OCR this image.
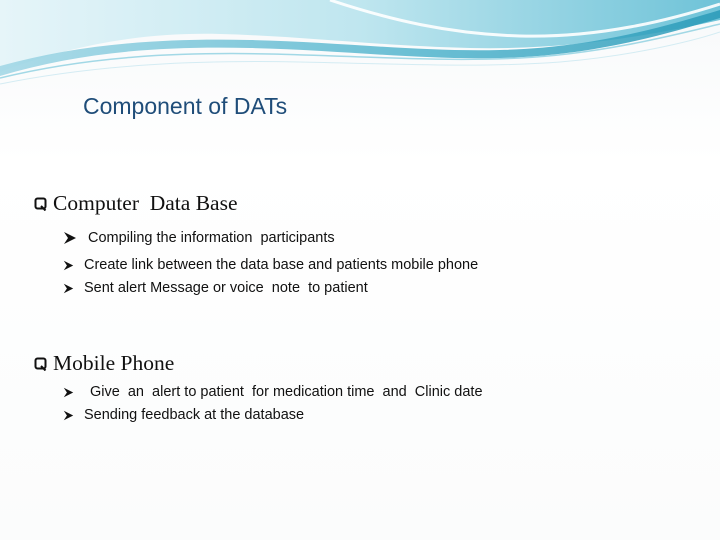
Component of DATs
Computer  Data Base
Compiling the information  participants
Create link between the data base and patients mobile phone
Sent alert Message or voice  note  to patient
Mobile Phone
Give  an  alert to patient  for medication time  and  Clinic date
Sending feedback at the database
